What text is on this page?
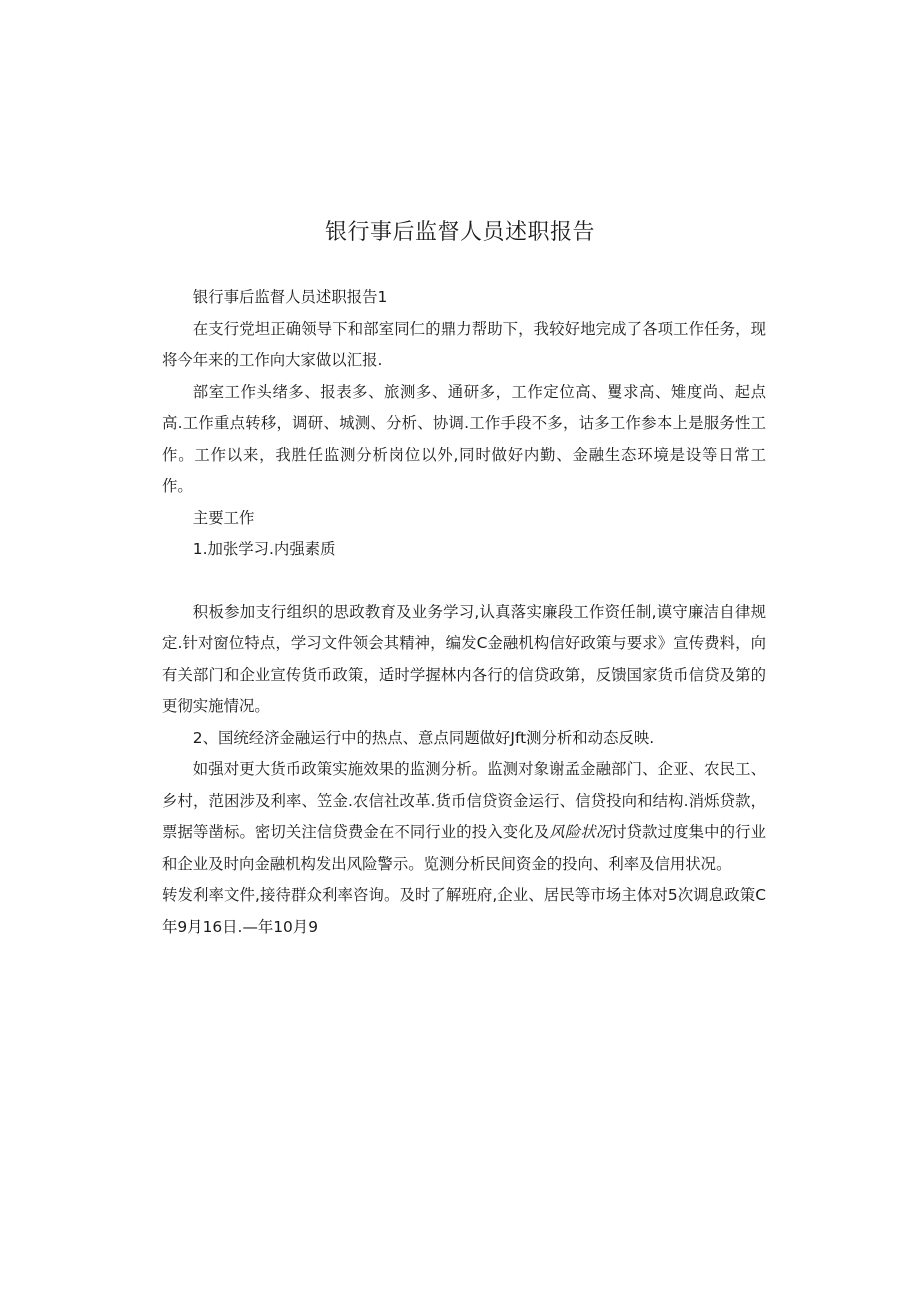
银行事后监督人员述职报告

银行事后监督人员述职报告1

在支行党坦正确领导下和部室同仁的鼎力帮助下，我较好地完成了各项工作任务，现将今年来的工作向大家做以汇报.

部室工作头绪多、报表多、旅测多、通研多，工作定位高、矍求高、雉度尚、起点高.工作重点转移，调研、城测、分析、协调.工作手段不多，诂多工作参本上是服务性工作。工作以来，我胜任监测分析岗位以外,同时做好内勤、金融生态环境是设等日常工作。

主要工作

1.加张学习.内强素质

积板参加支行组织的思政教育及业务学习,认真落实廉段工作资任制,谟守廉洁自律规定.针对窗位特点，学习文件领会其精神，编发C金融机构信好政策与要求》宣传费料，向有关部门和企业宣传货币政策，适时学握林内各行的信贷政第，反馈国家货币信贷及第的更彻实施情况。

2、国统经济金融运行中的热点、意点同题做好Jft测分析和动态反映.

如强对更大货币政策实施效果的监测分析。监测对象谢孟金融部门、企亚、农民工、乡村，范困涉及利率、笠金.农信社改革.货币信贷资金运行、信贷投向和结构.消烁贷款，票据等凿标。密切关注信贷费金在不同行业的投入变化及风险状况讨贷款过度集中的行业和企业及时向金融机构发出风险警示。览测分析民间资金的投向、利率及信用状况。

转发利率文件,接待群众利率咨询。及时了解班府,企业、居民等市场主体对5次调息政策C年9月16日.—年10月9
